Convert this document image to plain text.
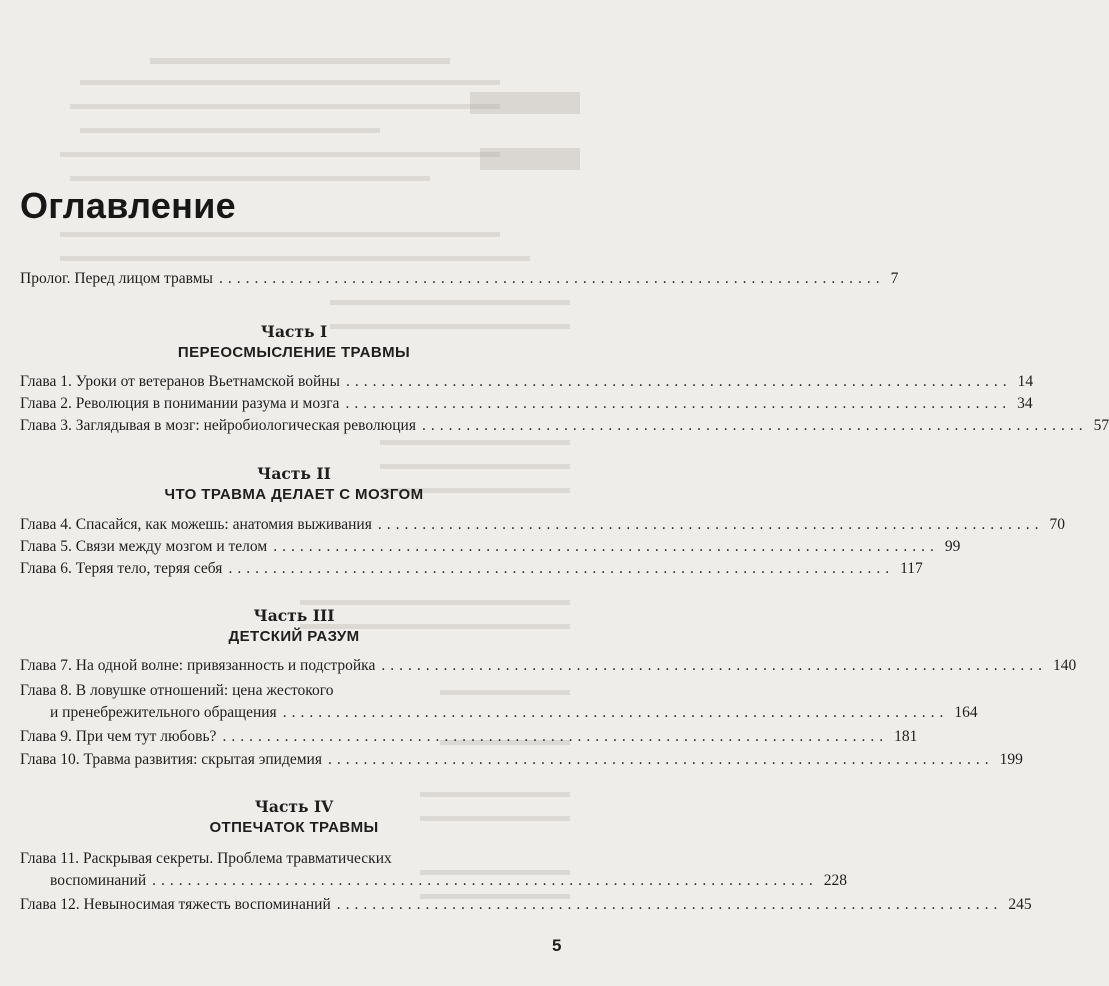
Оглавление
Пролог. Перед лицом травмы ........................................................................... 7
Часть I
ПЕРЕОСМЫСЛЕНИЕ ТРАВМЫ
Глава 1. Уроки от ветеранов Вьетнамской войны ........................................................................... 14
Глава 2. Революция в понимании разума и мозга ........................................................................... 34
Глава 3. Заглядывая в мозг: нейробиологическая революция ........................................................................... 57
Часть II
ЧТО ТРАВМА ДЕЛАЕТ С МОЗГОМ
Глава 4. Спасайся, как можешь: анатомия выживания ........................................................................... 70
Глава 5. Связи между мозгом и телом ........................................................................... 99
Глава 6. Теряя тело, теряя себя ........................................................................... 117
Часть III
ДЕТСКИЙ РАЗУМ
Глава 7. На одной волне: привязанность и подстройка ........................................................................... 140
Глава 8. В ловушке отношений: цена жестокого
и пренебрежительного обращения ........................................................................... 164
Глава 9. При чем тут любовь? ........................................................................... 181
Глава 10. Травма развития: скрытая эпидемия ........................................................................... 199
Часть IV
ОТПЕЧАТОК ТРАВМЫ
Глава 11. Раскрывая секреты. Проблема травматических
воспоминаний ........................................................................... 228
Глава 12. Невыносимая тяжесть воспоминаний ........................................................................... 245
5
